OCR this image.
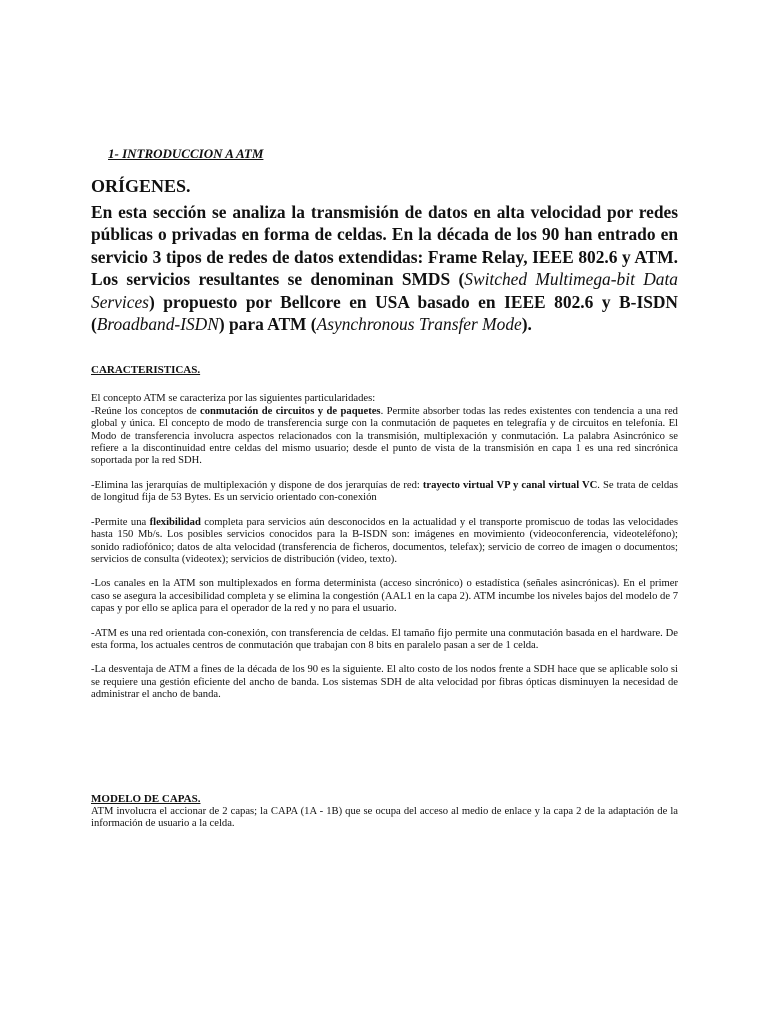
1- INTRODUCCION A ATM

ORÍGENES.

En esta sección se analiza la transmisión de datos en alta velocidad por redes públicas o privadas en forma de celdas. En la década de los 90 han entrado en servicio 3 tipos de redes de datos extendidas: Frame Relay, IEEE 802.6 y ATM. Los servicios resultantes se denominan SMDS (Switched Multimega-bit Data Services) propuesto por Bellcore en USA basado en IEEE 802.6 y B-ISDN (Broadband-ISDN) para ATM (Asynchronous Transfer Mode).

CARACTERISTICAS.

El concepto ATM se caracteriza por las siguientes particularidades:

-Reúne los conceptos de conmutación de circuitos y de paquetes. Permite absorber todas las redes existentes con tendencia a una red global y única. El concepto de modo de transferencia surge con la conmutación de paquetes en telegrafía y de circuitos en telefonía. El Modo de transferencia involucra aspectos relacionados con la transmisión, multiplexación y conmutación. La palabra Asincrónico se refiere a la discontinuidad entre celdas del mismo usuario; desde el punto de vista de la transmisión en capa 1 es una red sincrónica soportada por la red SDH.

-Elimina las jerarquías de multiplexación y dispone de dos jerarquías de red: trayecto virtual VP y canal virtual VC. Se trata de celdas de longitud fija de 53 Bytes. Es un servicio orientado con-conexión

-Permite una flexibilidad completa para servicios aún desconocidos en la actualidad y el transporte promiscuo de todas las velocidades hasta 150 Mb/s. Los posibles servicios conocidos para la B-ISDN son: imágenes en movimiento (videoconferencia, videoteléfono); sonido radiofónico; datos de alta velocidad (transferencia de ficheros, documentos, telefax); servicio de correo de imagen o documentos; servicios de consulta (videotex); servicios de distribución (video, texto).

-Los canales en la ATM son multiplexados en forma determinista (acceso sincrónico) o estadística (señales asincrónicas). En el primer caso se asegura la accesibilidad completa y se elimina la congestión (AAL1 en la capa 2). ATM incumbe los niveles bajos del modelo de 7 capas y por ello se aplica para el operador de la red y no para el usuario.

-ATM es una red orientada con-conexión, con transferencia de celdas. El tamaño fijo permite una conmutación basada en el hardware. De esta forma, los actuales centros de conmutación que trabajan con 8 bits en paralelo pasan a ser de 1 celda.

-La desventaja de ATM a fines de la década de los 90 es la siguiente. El alto costo de los nodos frente a SDH hace que se aplicable solo si se requiere una gestión eficiente del ancho de banda. Los sistemas SDH de alta velocidad por fibras ópticas disminuyen la necesidad de administrar el ancho de banda.

MODELO DE CAPAS.

ATM involucra el accionar de 2 capas; la CAPA (1A - 1B) que se ocupa del acceso al medio de enlace y la capa 2 de la adaptación de la información de usuario a la celda.
